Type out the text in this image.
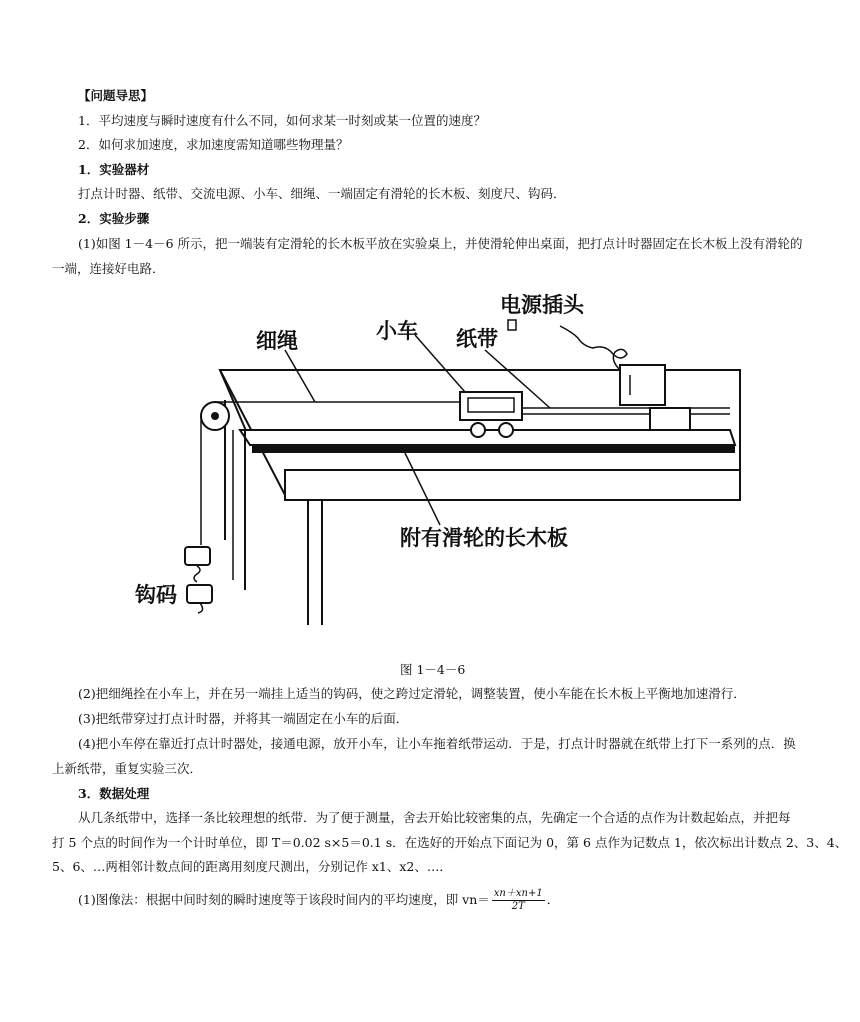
【问题导思】
1．平均速度与瞬时速度有什么不同，如何求某一时刻或某一位置的速度？
2．如何求加速度，求加速度需知道哪些物理量？
1．实验器材
打点计时器、纸带、交流电源、小车、细绳、一端固定有滑轮的长木板、刻度尺、钩码．
2．实验步骤
(1)如图 1－4－6 所示，把一端装有定滑轮的长木板平放在实验桌上，并使滑轮伸出桌面，把打点计时器固定在长木板上没有滑轮的
一端，连接好电路．
电源插头
细绳	小车 纸带
附有滑轮的长木板
钩码
图 1－4－6
(2)把细绳拴在小车上，并在另一端挂上适当的钩码，使之跨过定滑轮，调整装置，使小车能在长木板上平衡地加速滑行．
(3)把纸带穿过打点计时器，并将其一端固定在小车的后面．
(4)把小车停在靠近打点计时器处，接通电源，放开小车，让小车拖着纸带运动．于是，打点计时器就在纸带上打下一系列的点．换
上新纸带，重复实验三次．
3．数据处理
从几条纸带中，选择一条比较理想的纸带．为了便于测量，舍去开始比较密集的点，先确定一个合适的点作为计数起始点，并把每
打 5 个点的时间作为一个计时单位，即 T＝0.02 s×5＝0.1 s．在选好的开始点下面记为 0，第 6 点作为记数点 1，依次标出计数点 2、3、4、
5、6、…两相邻计数点间的距离用刻度尺测出，分别记作 x1、x2、…．
(1)图像法：根据中间时刻的瞬时速度等于该段时间内的平均速度，即 $vn= \frac{xn+xn+1}{2T}$ ．
